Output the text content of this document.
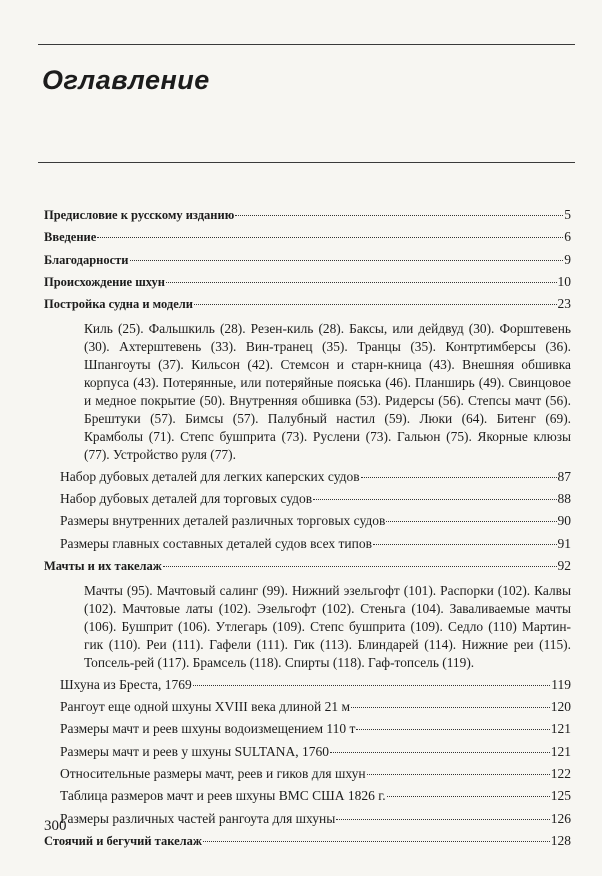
Оглавление
Предисловие к русскому изданию	5
Введение	6
Благодарности	9
Происхождение шхун	10
Постройка судна и модели	23
Киль (25). Фальшкиль (28). Резен-киль (28). Баксы, или дейдвуд (30). Форштевень (30). Ахтерштевень (33). Вин-транец (35). Транцы (35). Контртимберсы (36). Шпангоуты (37). Кильсон (42). Стемсон и старн-кница (43). Внешняя обшивка корпуса (43). Потерянные, или потеряйные пояська (46). Планширь (49). Свинцовое и медное покрытие (50). Внутренняя обшивка (53). Ридерсы (56). Степсы мачт (56). Брештуки (57). Бимсы (57). Палубный настил (59). Люки (64). Битенг (69). Крамболы (71). Степс бушприта (73). Руслени (73). Гальюн (75). Якорные клюзы (77). Устройство руля (77).
Набор дубовых деталей для легких каперских судов	87
Набор дубовых деталей для торговых судов	88
Размеры внутренних деталей различных торговых судов	90
Размеры главных составных деталей судов всех типов	91
Мачты и их такелаж	92
Мачты (95). Мачтовый салинг (99). Нижний эзельгофт (101). Распорки (102). Калвы (102). Мачтовые латы (102). Эзельгофт (102). Стеньга (104). Заваливаемые мачты (106). Бушприт (106). Утлегарь (109). Степс бушприта (109). Седло (110) Мартин-гик (110). Реи (111). Гафели (111). Гик (113). Блиндарей (114). Нижние реи (115). Топсель-рей (117). Брамсель (118). Спирты (118). Гаф-топсель (119).
Шхуна из Бреста, 1769	119
Рангоут еще одной шхуны XVIII века длиной 21 м	120
Размеры мачт и реев шхуны водоизмещением 110 т	121
Размеры мачт и реев у шхуны SULTANA, 1760	121
Относительные размеры мачт, реев и гиков для шхун	122
Таблица размеров мачт и реев шхуны ВМС США 1826 г.	125
Размеры различных частей рангоута для шхуны	126
Стоячий и бегучий такелаж	128
300
